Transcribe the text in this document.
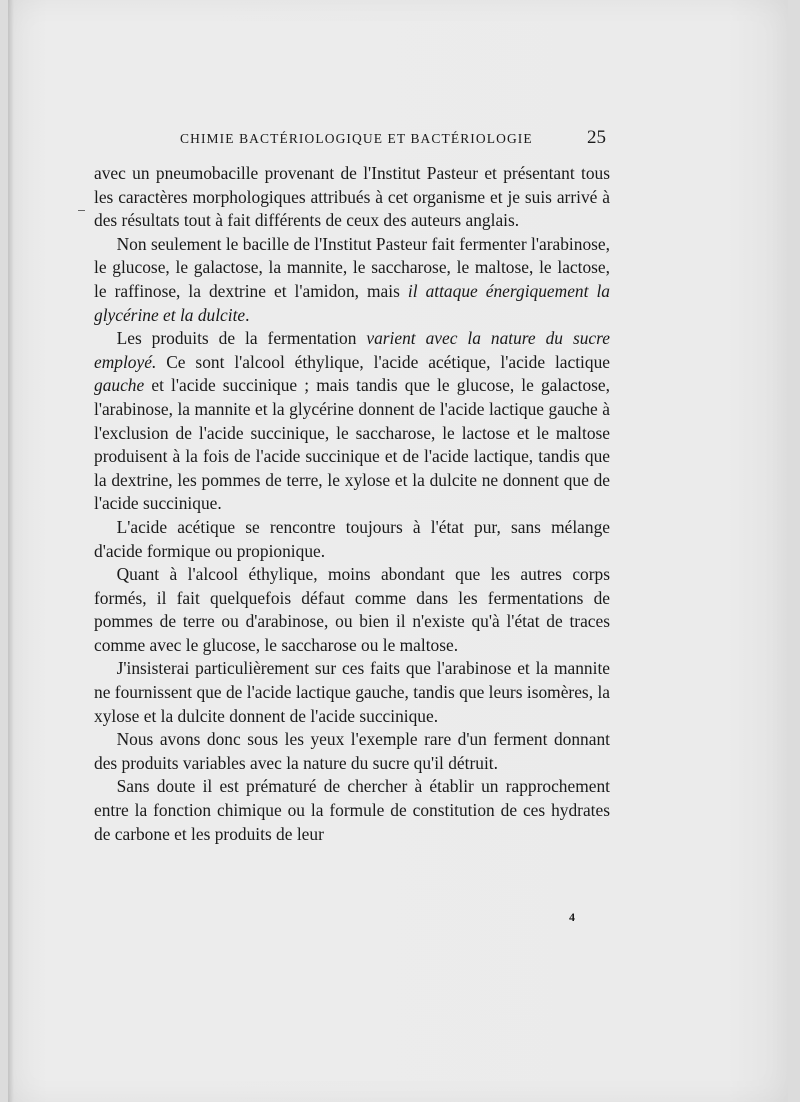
CHIMIE BACTÉRIOLOGIQUE ET BACTÉRIOLOGIE	25

avec un pneumobacille provenant de l'Institut Pasteur et présentant tous les caractères morphologiques attribués à cet organisme et je suis arrivé à des résultats tout à fait différents de ceux des auteurs anglais.

Non seulement le bacille de l'Institut Pasteur fait fermenter l'arabinose, le glucose, le galactose, la mannite, le saccharose, le maltose, le lactose, le raffinose, la dextrine et l'amidon, mais il attaque énergiquement la glycérine et la dulcite.

Les produits de la fermentation varient avec la nature du sucre employé. Ce sont l'alcool éthylique, l'acide acétique, l'acide lactique gauche et l'acide succinique ; mais tandis que le glucose, le galactose, l'arabinose, la mannite et la glycérine donnent de l'acide lactique gauche à l'exclusion de l'acide succinique, le saccharose, le lactose et le maltose produisent à la fois de l'acide succinique et de l'acide lactique, tandis que la dextrine, les pommes de terre, le xylose et la dulcite ne donnent que de l'acide succinique.

L'acide acétique se rencontre toujours à l'état pur, sans mélange d'acide formique ou propionique.

Quant à l'alcool éthylique, moins abondant que les autres corps formés, il fait quelquefois défaut comme dans les fermentations de pommes de terre ou d'arabinose, ou bien il n'existe qu'à l'état de traces comme avec le glucose, le saccharose ou le maltose.

J'insisterai particulièrement sur ces faits que l'arabinose et la mannite ne fournissent que de l'acide lactique gauche, tandis que leurs isomères, la xylose et la dulcite donnent de l'acide succinique.

Nous avons donc sous les yeux l'exemple rare d'un ferment donnant des produits variables avec la nature du sucre qu'il détruit.

Sans doute il est prématuré de chercher à établir un rapprochement entre la fonction chimique ou la formule de constitution de ces hydrates de carbone et les produits de leur

4
